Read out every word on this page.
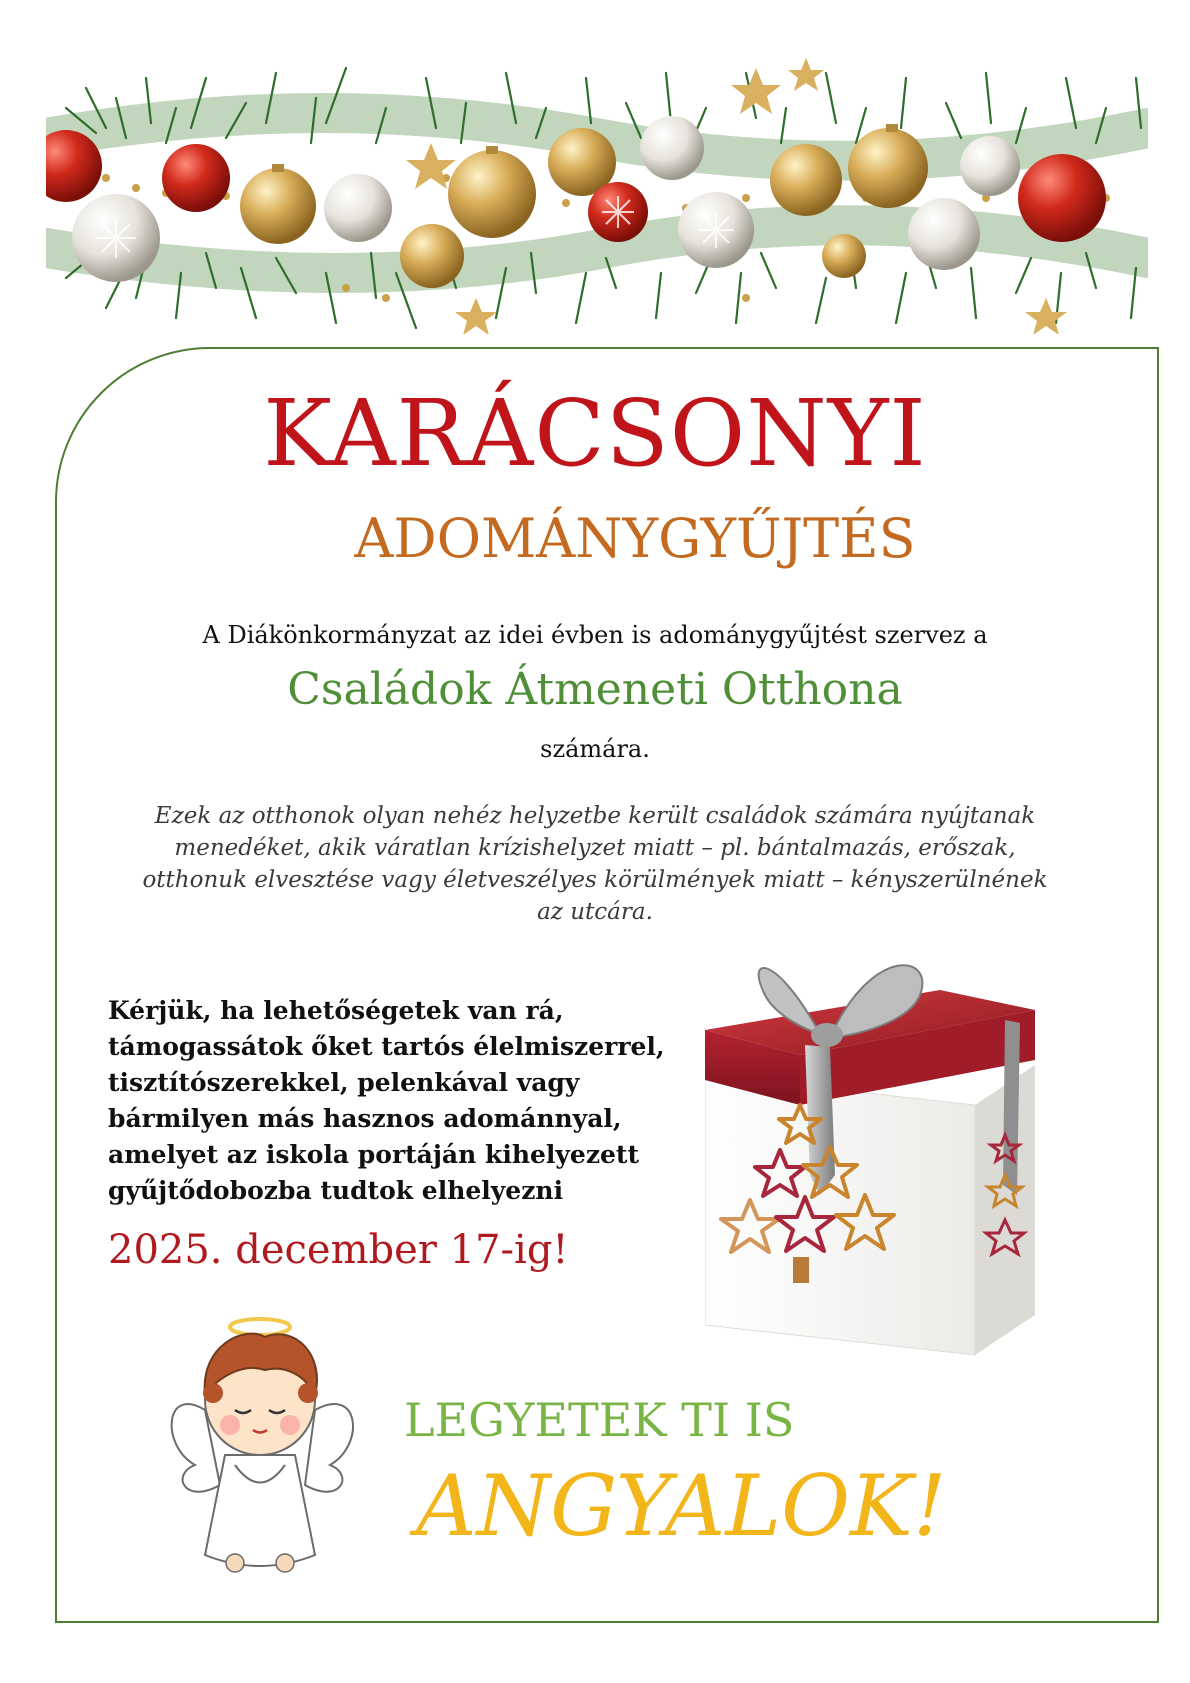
KARÁCSONYI
ADOMÁNYGYŰJTÉS
A Diákönkormányzat az idei évben is adománygyűjtést szervez a
Családok Átmeneti Otthona
számára.
Ezek az otthonok olyan nehéz helyzetbe került családok számára nyújtanak
menedéket, akik váratlan krízishelyzet miatt – pl. bántalmazás, erőszak,
otthonuk elvesztése vagy életveszélyes körülmények miatt – kényszerülnének
az utcára.
Kérjük, ha lehetőségetek van rá,
támogassátok őket tartós élelmiszerrel,
tisztítószerekkel, pelenkával vagy
bármilyen más hasznos adománnyal,
amelyet az iskola portáján kihelyezett
gyűjtődobozba tudtok elhelyezni
2025. december 17-ig!
LEGYETEK TI IS
ANGYALOK!
